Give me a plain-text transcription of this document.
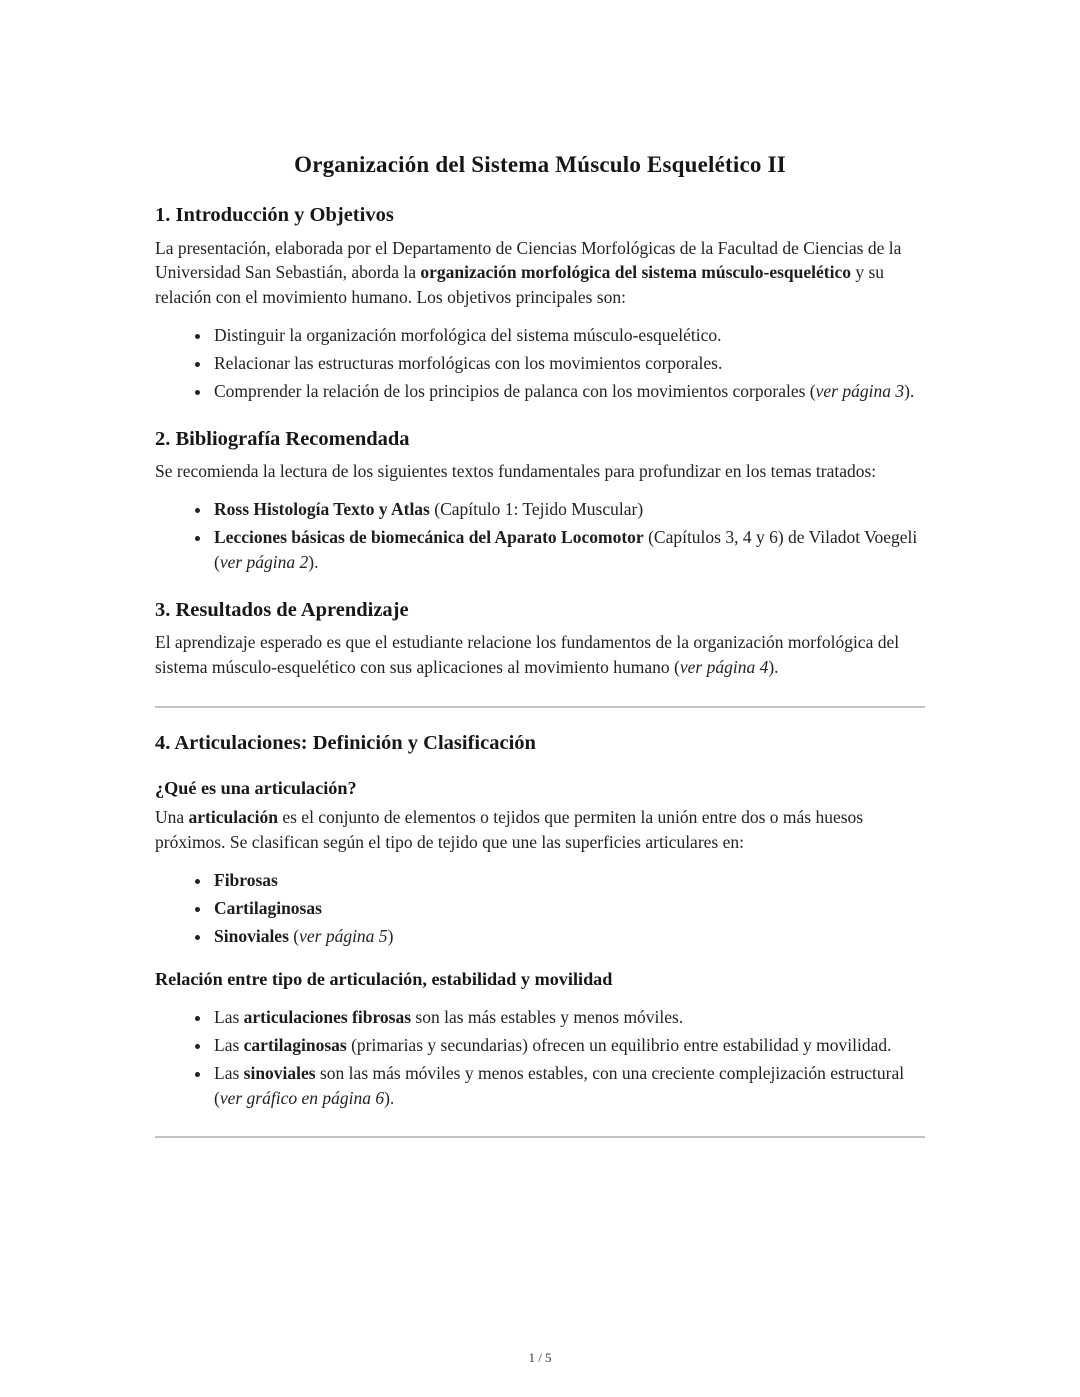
Organización del Sistema Músculo Esquelético II
1. Introducción y Objetivos

La presentación, elaborada por el Departamento de Ciencias Morfológicas de la Facultad de Ciencias de la Universidad San Sebastián, aborda la organización morfológica del sistema músculo-esquelético y su relación con el movimiento humano. Los objetivos principales son:

• Distinguir la organización morfológica del sistema músculo-esquelético.
• Relacionar las estructuras morfológicas con los movimientos corporales.
• Comprender la relación de los principios de palanca con los movimientos corporales (ver página 3).
2. Bibliografía Recomendada

Se recomienda la lectura de los siguientes textos fundamentales para profundizar en los temas tratados:

• Ross Histología Texto y Atlas (Capítulo 1: Tejido Muscular)
• Lecciones básicas de biomecánica del Aparato Locomotor (Capítulos 3, 4 y 6) de Viladot Voegeli (ver página 2).
3. Resultados de Aprendizaje

El aprendizaje esperado es que el estudiante relacione los fundamentos de la organización morfológica del sistema músculo-esquelético con sus aplicaciones al movimiento humano (ver página 4).

4. Articulaciones: Definición y Clasificación
¿Qué es una articulación?

Una articulación es el conjunto de elementos o tejidos que permiten la unión entre dos o más huesos próximos. Se clasifican según el tipo de tejido que une las superficies articulares en:

• Fibrosas
• Cartilaginosas
• Sinoviales (ver página 5)
Relación entre tipo de articulación, estabilidad y movilidad
• Las articulaciones fibrosas son las más estables y menos móviles.
• Las cartilaginosas (primarias y secundarias) ofrecen un equilibrio entre estabilidad y movilidad.
• Las sinoviales son las más móviles y menos estables, con una creciente complejización estructural (ver gráfico en página 6).
1 / 5
